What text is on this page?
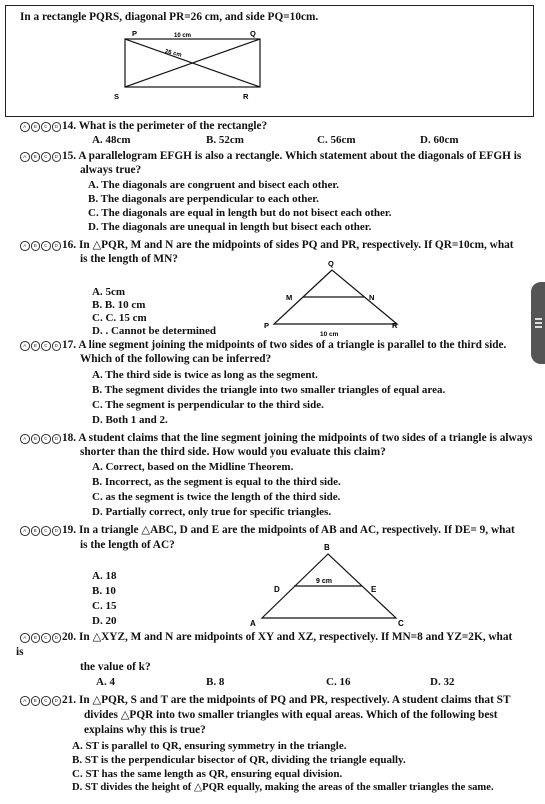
In a rectangle PQRS, diagonal PR=26 cm, and side PQ=10cm.
P	Q
S	R
10 cm
26 cm
A	B	C	D 14. What is the perimeter of the rectangle?
A. 48cm	B. 52cm	C. 56cm	D. 60cm
A	B	C	D 15. A parallelogram EFGH is also a rectangle. Which statement about the diagonals of EFGH is
always true?
A. The diagonals are congruent and bisect each other.
B. The diagonals are perpendicular to each other.
C. The diagonals are equal in length but do not bisect each other.
D. The diagonals are unequal in length but bisect each other.
A	B	C	D 16. In △PQR, M and N are the midpoints of sides PQ and PR, respectively. If QR=10cm, what
is the length of MN?
A. 5cm
B. B. 10 cm
C. C. 15 cm
D. . Cannot be determined
Q
M	N
P	R
10 cm
A	B	C	D 17. A line segment joining the midpoints of two sides of a triangle is parallel to the third side.
Which of the following can be inferred?
A. The third side is twice as long as the segment.
B. The segment divides the triangle into two smaller triangles of equal area.
C. The segment is perpendicular to the third side.
D. Both 1 and 2.
A	B	C	D 18. A student claims that the line segment joining the midpoints of two sides of a triangle is always
shorter than the third side. How would you evaluate this claim?
A. Correct, based on the Midline Theorem.
B. Incorrect, as the segment is equal to the third side.
C. as the segment is twice the length of the third side.
D. Partially correct, only true for specific triangles.
A	B	C	D 19. In a triangle △ABC, D and E are the midpoints of AB and AC, respectively. If DE= 9, what
is the length of AC?
A. 18
B. 10
C. 15
D. 20
B
D	E
A	C
9 cm
A	B	C	D 20. In △XYZ, M and N are midpoints of XY and XZ, respectively. If MN=8 and YZ=2K, what
is
the value of k?
A. 4	B. 8	C. 16	D. 32
A	B	C	D 21. In △PQR, S and T are the midpoints of PQ and PR, respectively. A student claims that ST
divides △PQR into two smaller triangles with equal areas. Which of the following best
explains why this is true?
A. ST is parallel to QR, ensuring symmetry in the triangle.
B. ST is the perpendicular bisector of QR, dividing the triangle equally.
C. ST has the same length as QR, ensuring equal division.
D. ST divides the height of △PQR equally, making the areas of the smaller triangles the same.
